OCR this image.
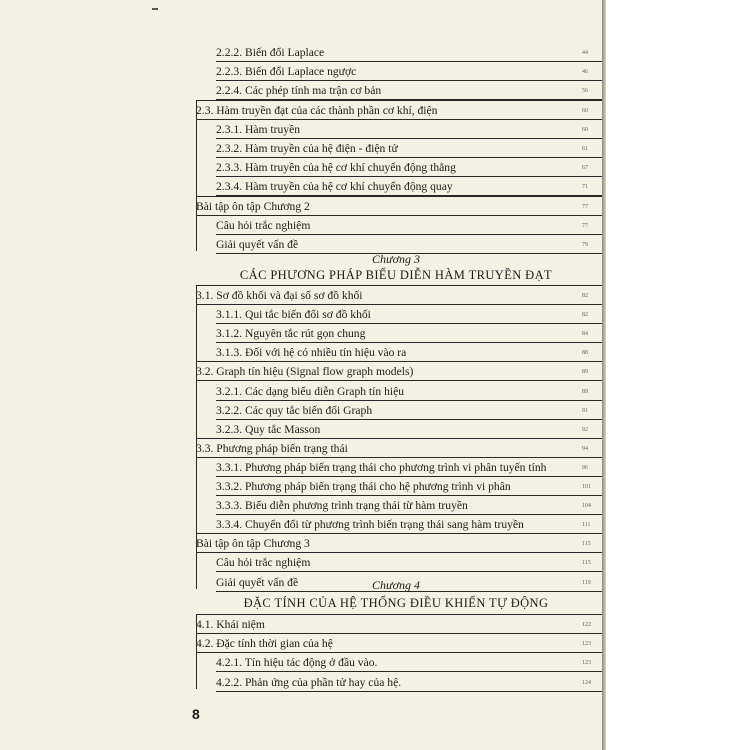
Chương 3
CÁC PHƯƠNG PHÁP BIỂU DIỄN HÀM TRUYỀN ĐẠT
Chương 4
ĐẶC TÍNH CỦA HỆ THỐNG ĐIỀU KHIỂN TỰ ĐỘNG
2.2.2. Biến đổi Laplace	44
2.2.3. Biến đổi Laplace ngược	46
2.2.4. Các phép tính ma trận cơ bản	56
2.3. Hàm truyền đạt của các thành phần cơ khí, điện	60
2.3.1. Hàm truyền	60
2.3.2. Hàm truyền của hệ điện - điện tử	61
2.3.3. Hàm truyền của hệ cơ khí chuyển động thẳng	67
2.3.4. Hàm truyền của hệ cơ khí chuyển động quay	71
Bài tập ôn tập Chương 2	77
Câu hỏi trắc nghiệm	77
Giải quyết vấn đề	79
3.1. Sơ đồ khối và đại số sơ đồ khối	82
3.1.1. Qui tắc biến đổi sơ đồ khối	82
3.1.2. Nguyên tắc rút gọn chung	84
3.1.3. Đối với hệ có nhiều tín hiệu vào ra	88
3.2. Graph tín hiệu (Signal flow graph models)	89
3.2.1. Các dạng biểu diễn Graph tín hiệu	89
3.2.2. Các quy tắc biến đổi Graph	91
3.2.3. Quy tắc Masson	92
3.3. Phương pháp biến trạng thái	94
3.3.1. Phương pháp biến trạng thái cho phương trình vi phân tuyến tính	96
3.3.2. Phương pháp biến trạng thái cho hệ phương trình vi phân	101
3.3.3. Biểu diễn phương trình trạng thái từ hàm truyền	104
3.3.4. Chuyển đổi từ phương trình biến trạng thái sang hàm truyền	111
Bài tập ôn tập Chương 3	115
Câu hỏi trắc nghiệm	115
Giải quyết vấn đề	119
4.1. Khái niệm	122
4.2. Đặc tính thời gian của hệ	123
4.2.1. Tín hiệu tác động ở đầu vào.	123
4.2.2. Phản ứng của phần tử hay của hệ.	124
8
